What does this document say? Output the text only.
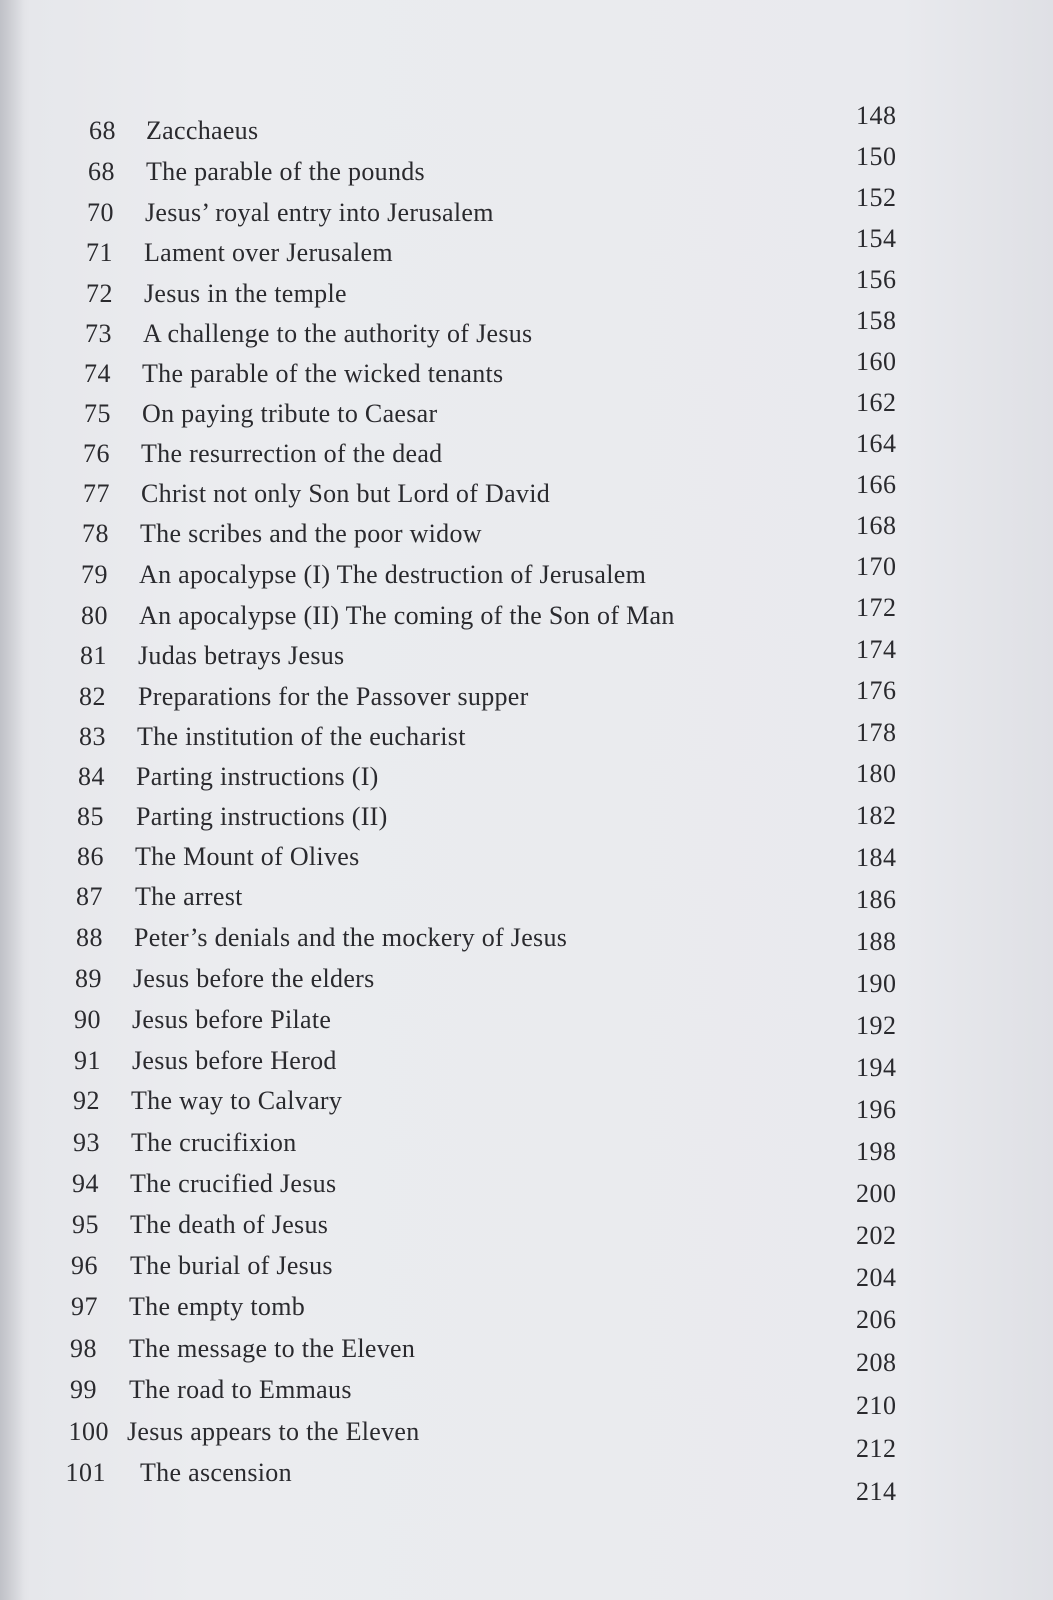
68 Zacchaeus
68 The parable of the pounds
70 Jesus’ royal entry into Jerusalem
71 Lament over Jerusalem
72 Jesus in the temple
73 A challenge to the authority of Jesus
74 The parable of the wicked tenants
75 On paying tribute to Caesar
76 The resurrection of the dead
77 Christ not only Son but Lord of David
78 The scribes and the poor widow
79 An apocalypse (I) The destruction of Jerusalem
80 An apocalypse (II) The coming of the Son of Man
81 Judas betrays Jesus
82 Preparations for the Passover supper
83 The institution of the eucharist
84 Parting instructions (I)
85 Parting instructions (II)
86 The Mount of Olives
87 The arrest
88 Peter’s denials and the mockery of Jesus
89 Jesus before the elders
90 Jesus before Pilate
91 Jesus before Herod
92 The way to Calvary
93 The crucifixion
94 The crucified Jesus
95 The death of Jesus
96 The burial of Jesus
97 The empty tomb
98 The message to the Eleven
99 The road to Emmaus
100 Jesus appears to the Eleven
101 The ascension
148
150
152
154
156
158
160
162
164
166
168
170
172
174
176
178
180
182
184
186
188
190
192
194
196
198
200
202
204
206
208
210
212
214
